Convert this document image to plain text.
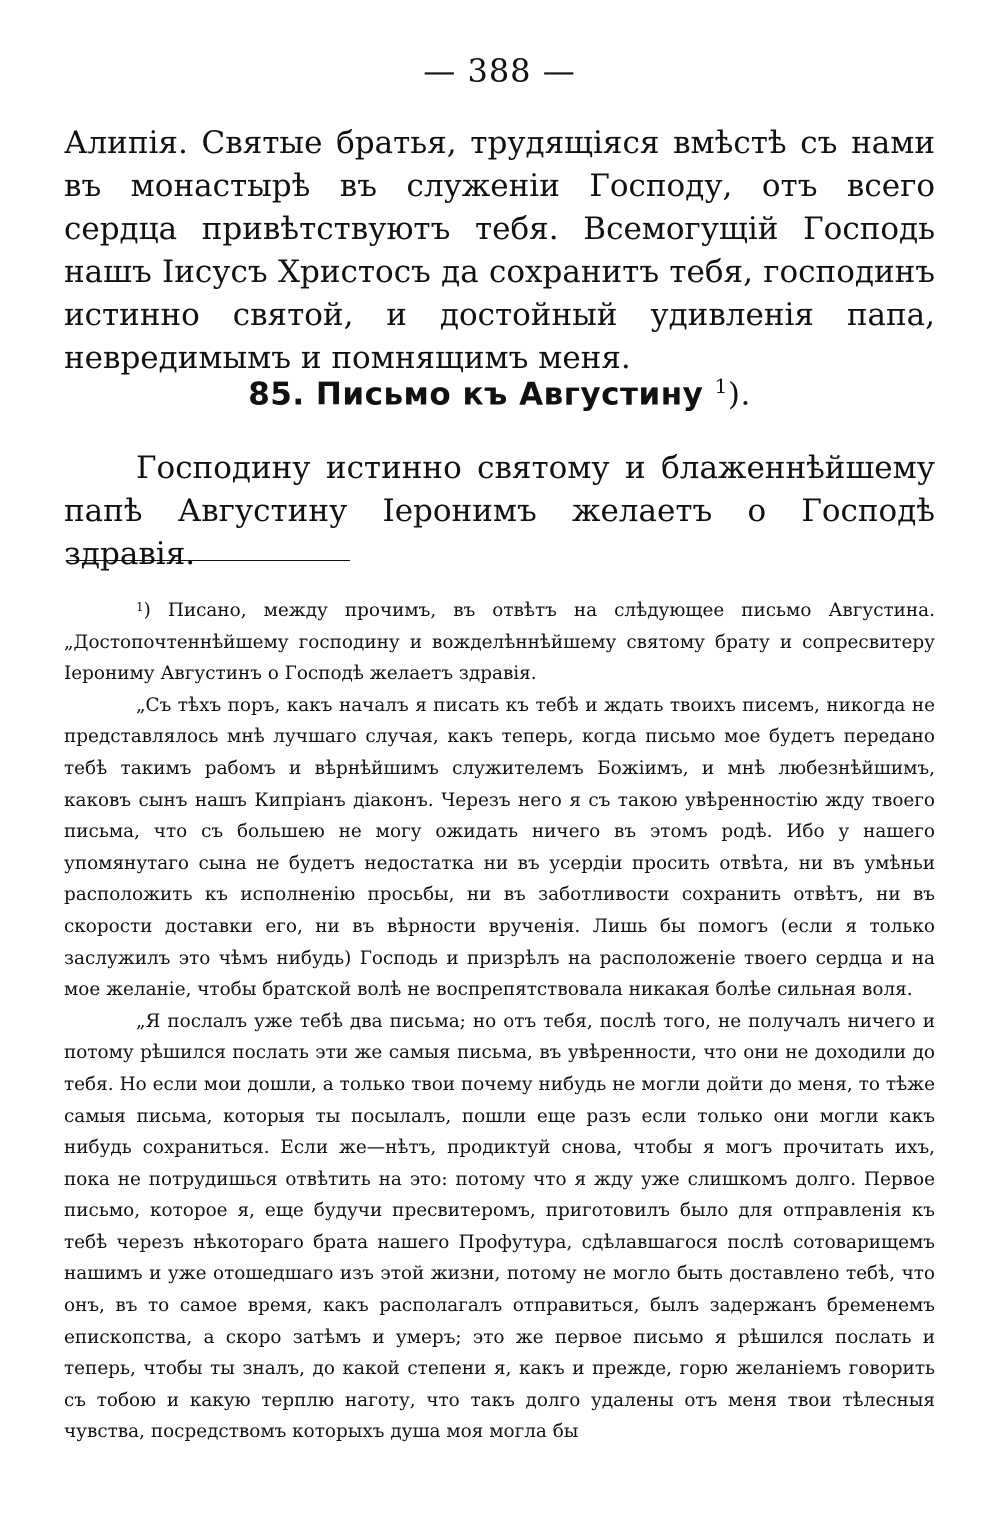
— 388 —

Алипія. Святые братья, трудящіяся вмѣстѣ съ нами въ монастырѣ въ служеніи Господу, отъ всего сердца привѣтствуютъ тебя. Всемогущій Господь нашъ Іисусъ Христосъ да сохранитъ тебя, господинъ истинно святой, и достойный удивленія папа, невредимымъ и помнящимъ меня.

85. Письмо къ Августину $^1$).

Господину истинно святому и блаженнѣйшему папѣ Августину Іеронимъ желаетъ о Господѣ здравія.

$^1$) Писано, между прочимъ, въ отвѣтъ на слѣдующее письмо Августина. „Достопочтеннѣйшему господину и вожделѣннѣйшему святому брату и сопресвитеру Іерониму Августинъ о Господѣ желаетъ здравія.

„Съ тѣхъ поръ, какъ началъ я писать къ тебѣ и ждать твоихъ писемъ, никогда не представлялось мнѣ лучшаго случая, какъ теперь, когда письмо мое будетъ передано тебѣ такимъ рабомъ и вѣрнѣйшимъ служителемъ Божіимъ, и мнѣ любезнѣйшимъ, каковъ сынъ нашъ Кипріанъ діаконъ. Черезъ него я съ такою увѣренностію жду твоего письма, что съ большею не могу ожидать ничего въ этомъ родѣ. Ибо у нашего упомянутаго сына не будетъ недостатка ни въ усердіи просить отвѣта, ни въ умѣньи расположить къ исполненію просьбы, ни въ заботливости сохранить отвѣтъ, ни въ скорости доставки его, ни въ вѣрности врученія. Лишь бы помогъ (если я только заслужилъ это чѣмъ нибудь) Господь и призрѣлъ на расположеніе твоего сердца и на мое желаніе, чтобы братской волѣ не воспрепятствовала никакая болѣе сильная воля.

„Я послалъ уже тебѣ два письма; но отъ тебя, послѣ того, не получалъ ничего и потому рѣшился послать эти же самыя письма, въ увѣренности, что они не доходили до тебя. Но если мои дошли, а только твои почему нибудь не могли дойти до меня, то тѣже самыя письма, которыя ты посылалъ, пошли еще разъ если только они могли какъ нибудь сохраниться. Если же—нѣтъ, продиктуй снова, чтобы я могъ прочитать ихъ, пока не потрудишься отвѣтить на это: потому что я жду уже слишкомъ долго. Первое письмо, которое я, еще будучи пресвитеромъ, приготовилъ было для отправленія къ тебѣ черезъ нѣкотораго брата нашего Профутура, сдѣлавшагося послѣ сотоварищемъ нашимъ и уже отошедшаго изъ этой жизни, потому не могло быть доставлено тебѣ, что онъ, въ то самое время, какъ располагалъ отправиться, былъ задержанъ бременемъ епископства, а скоро затѣмъ и умеръ; это же первое письмо я рѣшился послать и теперь, чтобы ты зналъ, до какой степени я, какъ и прежде, горю желаніемъ говорить съ тобою и какую терплю наготу, что такъ долго удалены отъ меня твои тѣлесныя чувства, посредствомъ которыхъ душа моя могла бы
